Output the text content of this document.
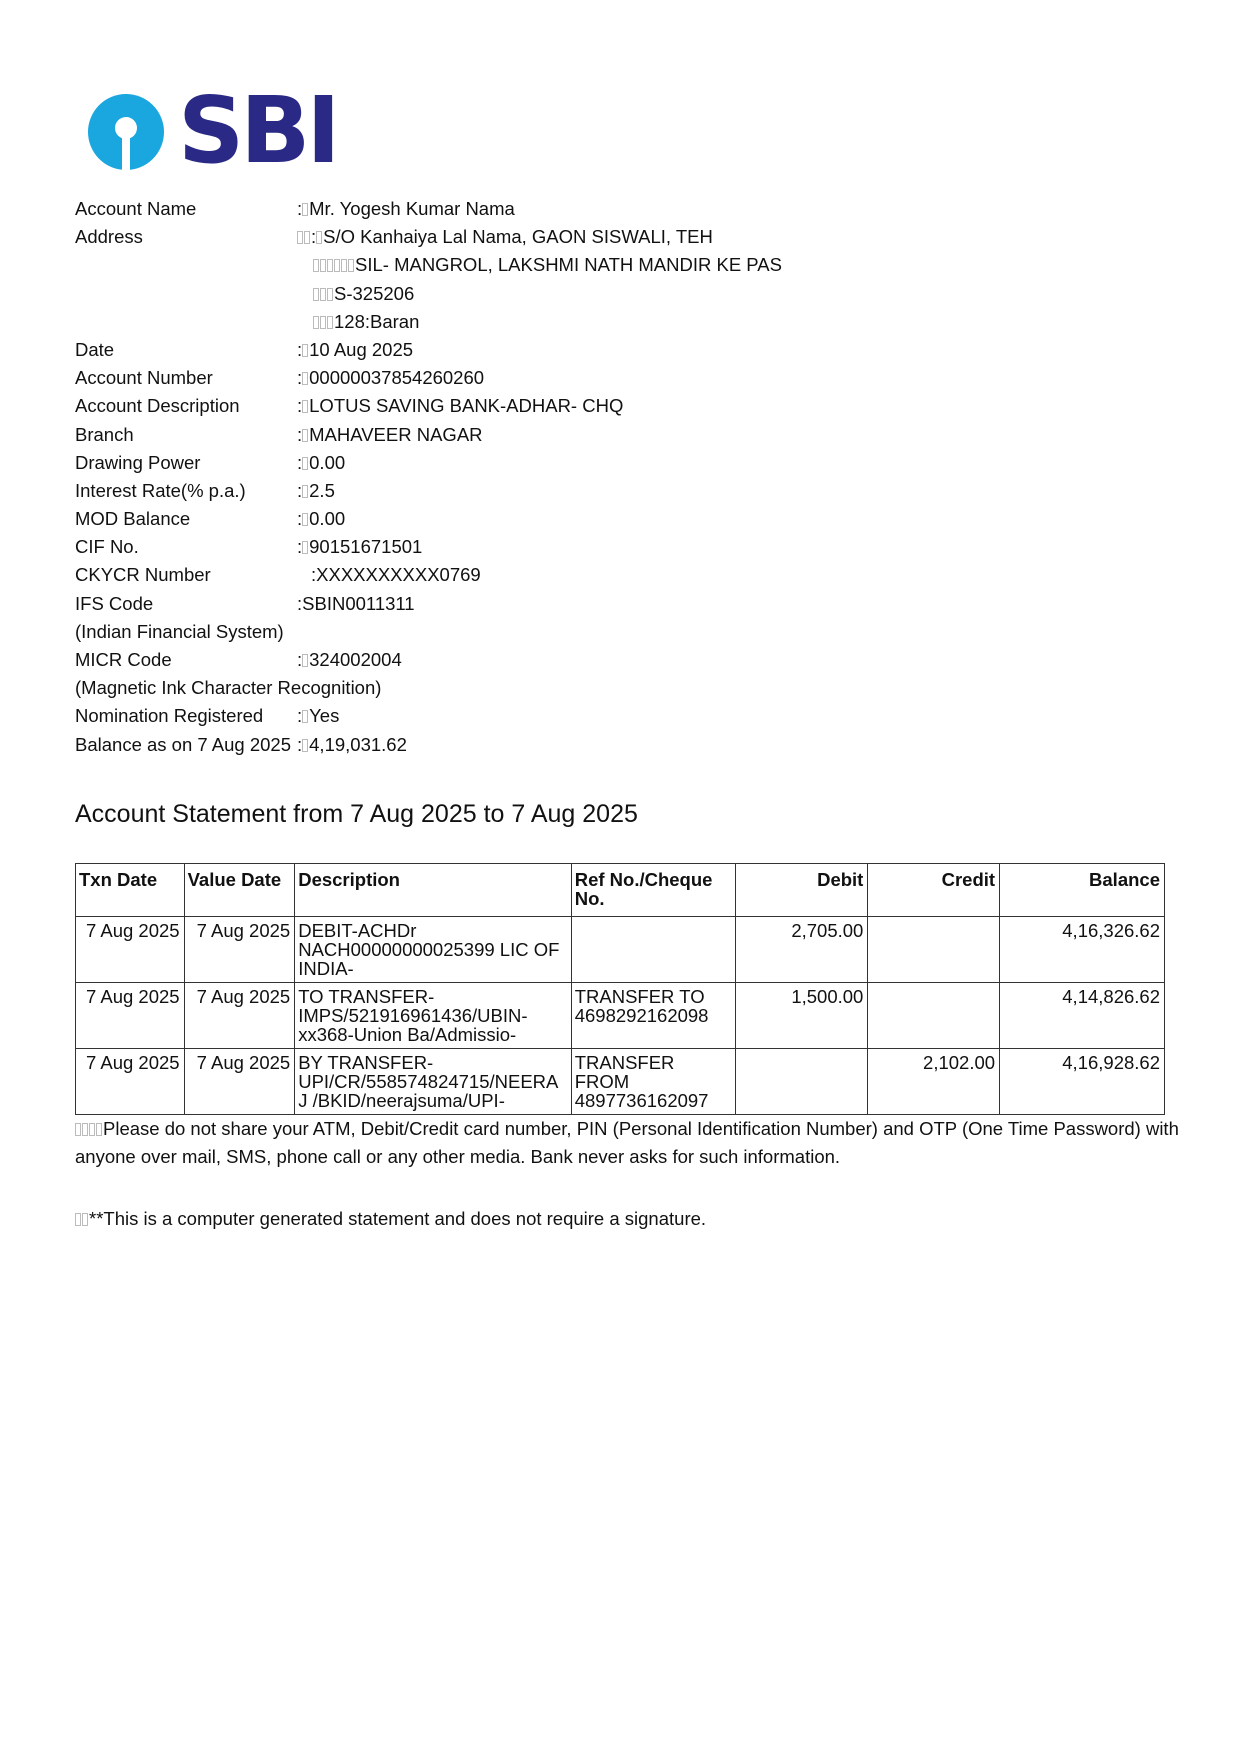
SBI
Account Name	: Mr. Yogesh Kumar Nama
Address	: S/O Kanhaiya Lal Nama, GAON SISWALI, TEH
SIL- MANGROL, LAKSHMI NATH MANDIR KE PAS
S-325206
128:Baran
Date	: 10 Aug 2025
Account Number	: 00000037854260260
Account Description	: LOTUS SAVING BANK-ADHAR- CHQ
Branch	: MAHAVEER NAGAR
Drawing Power	: 0.00
Interest Rate(% p.a.)	: 2.5
MOD Balance	: 0.00
CIF No.	: 90151671501
CKYCR Number	:XXXXXXXXXX0769
IFS Code	:SBIN0011311
(Indian Financial System)
MICR Code	: 324002004
(Magnetic Ink Character Recognition)
Nomination Registered	: Yes
Balance as on 7 Aug 2025 : 4,19,031.62
Account Statement from 7 Aug 2025 to 7 Aug 2025
Txn Date	Value Date	Description	Ref No./Cheque No.	Debit	Credit	Balance
7 Aug 2025	7 Aug 2025	DEBIT-ACHDr NACH00000000025399 LIC OF INDIA-		2,705.00		4,16,326.62
7 Aug 2025	7 Aug 2025	TO TRANSFER-IMPS/521916961436/UBIN-xx368-Union Ba/Admissio-	TRANSFER TO 4698292162098	1,500.00		4,14,826.62
7 Aug 2025	7 Aug 2025	BY TRANSFER-UPI/CR/558574824715/NEERAJ /BKID/neerajsuma/UPI-	TRANSFER FROM 4897736162097		2,102.00	4,16,928.62
Please do not share your ATM, Debit/Credit card number, PIN (Personal Identification Number) and OTP (One Time Password) with anyone over mail, SMS, phone call or any other media. Bank never asks for such information.
**This is a computer generated statement and does not require a signature.
